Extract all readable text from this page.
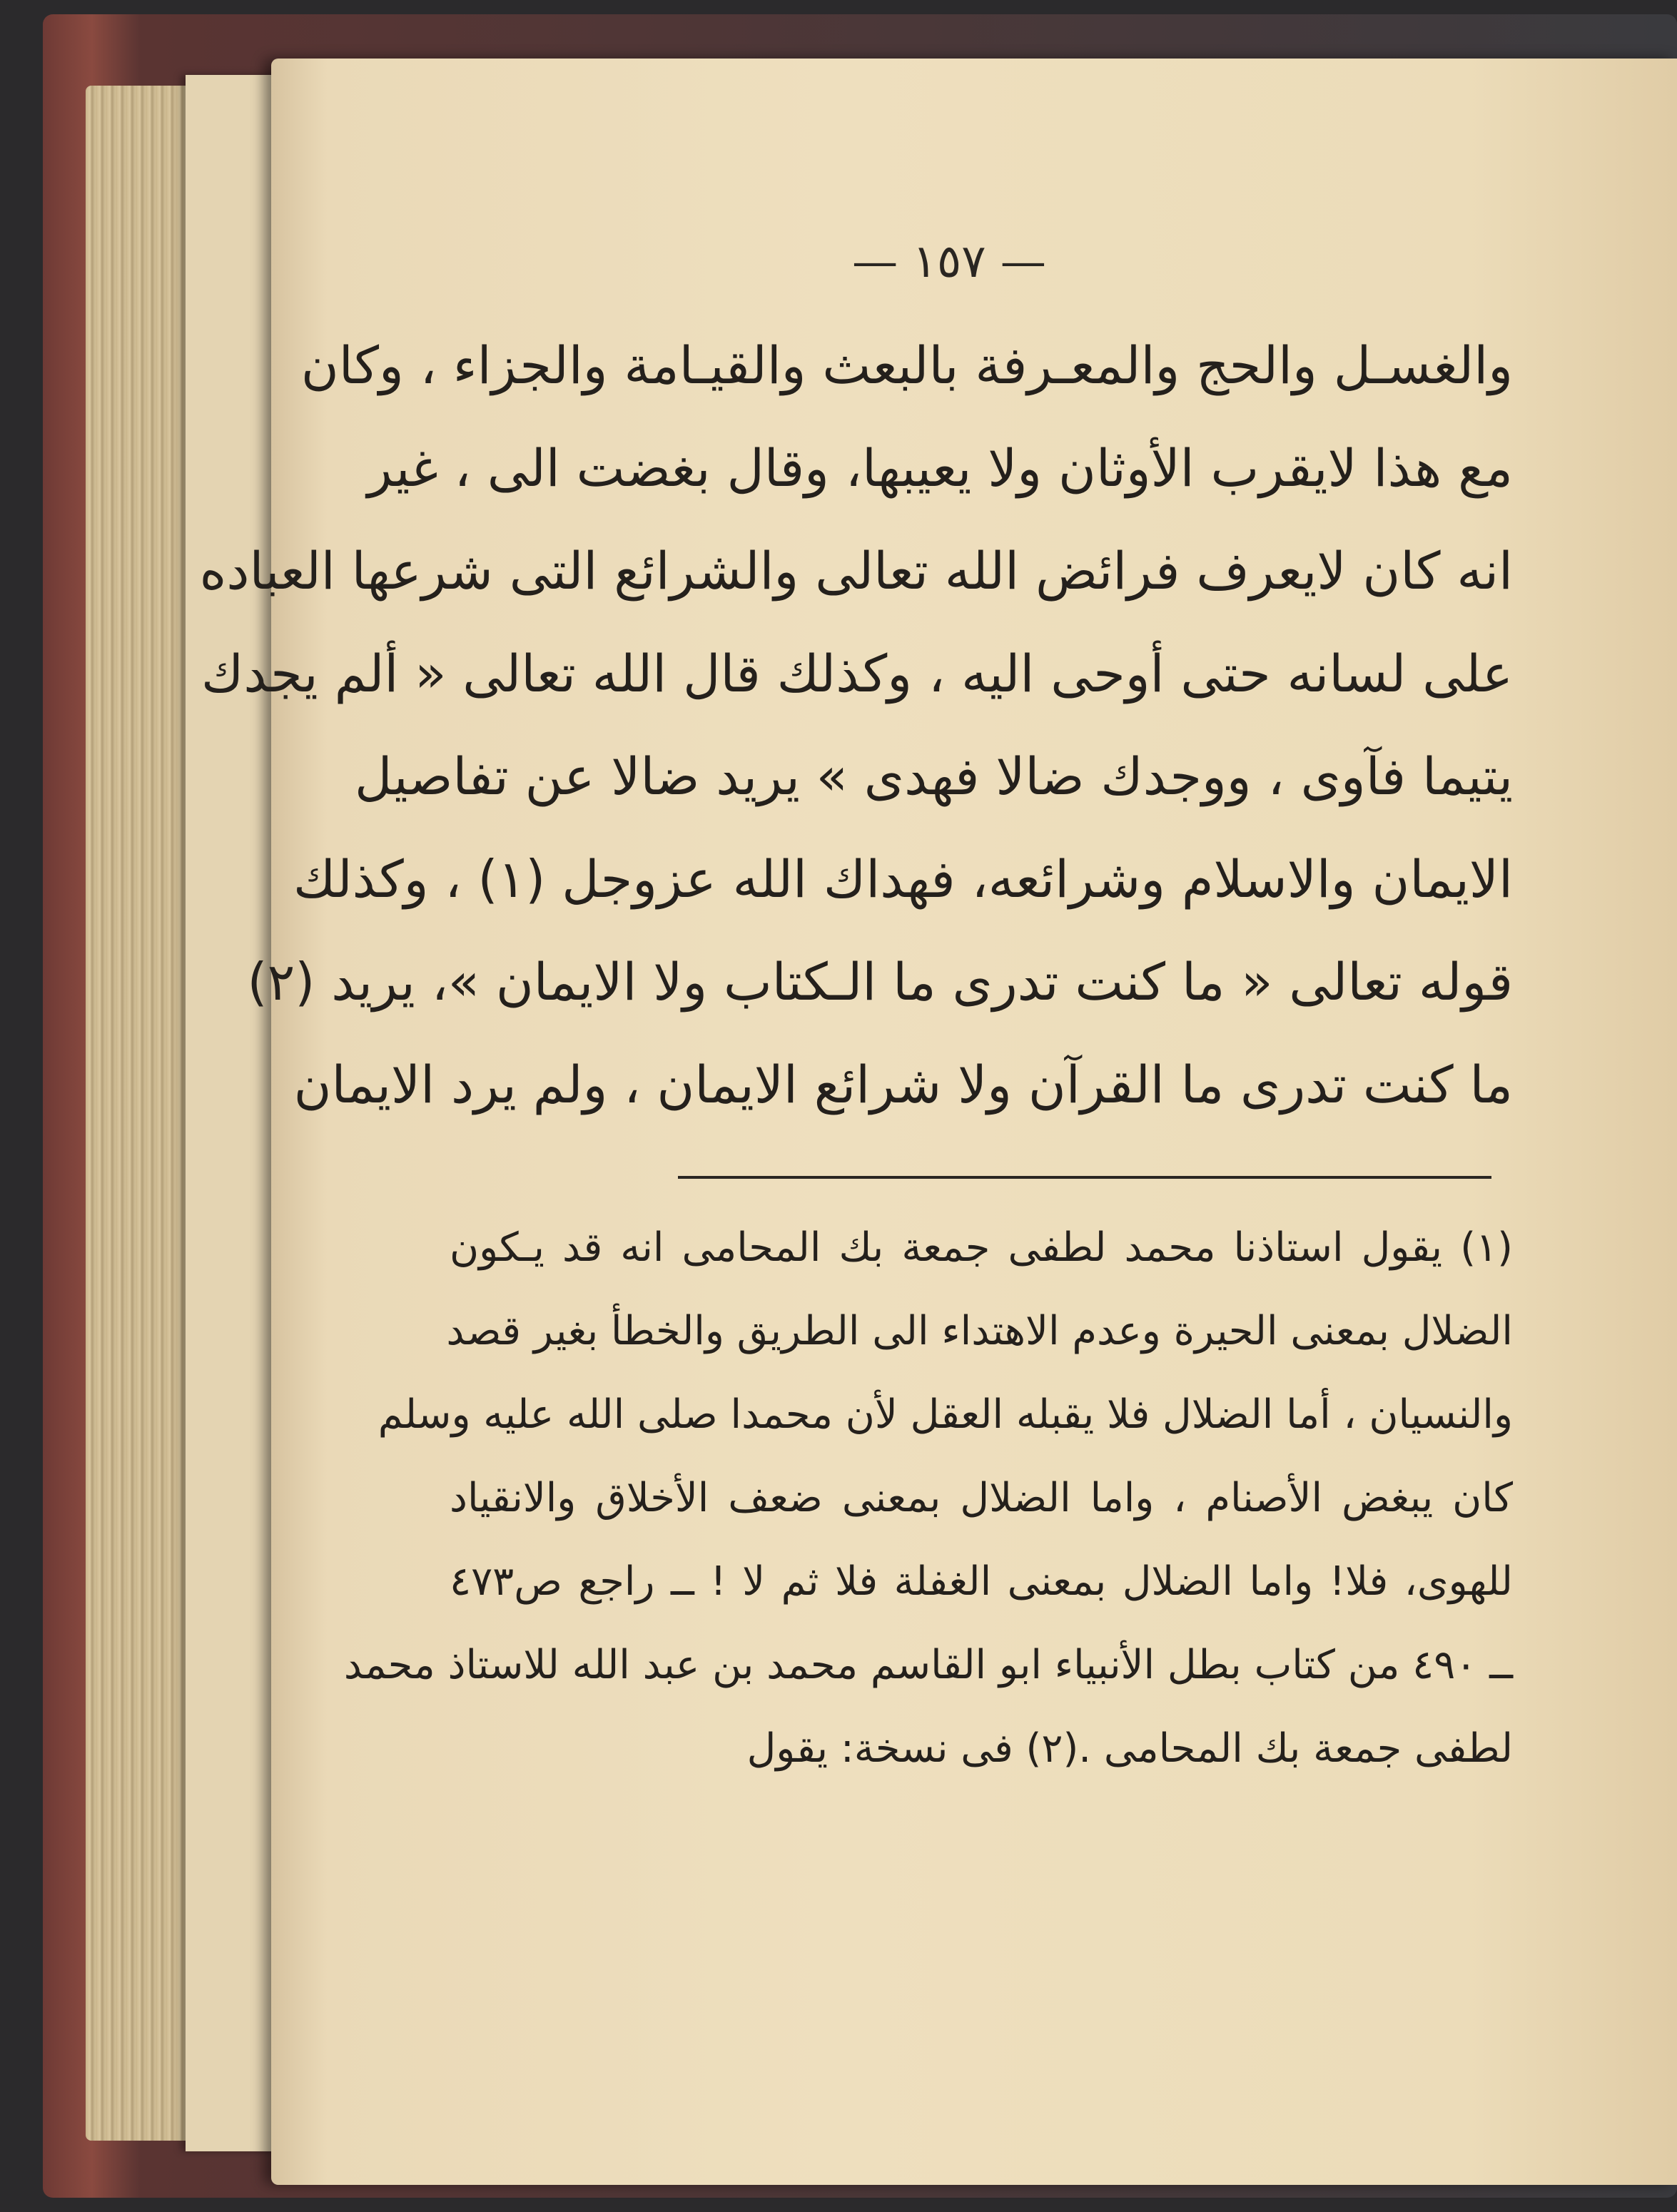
— ١٥٧ —
والغسـل والحج والمعـرفة بالبعث والقيـامة والجزاء ، وكان
مع هذا لايقرب الأوثان ولا يعيبها، وقال بغضت الى ، غير
انه كان لايعرف فرائض الله تعالى والشرائع التى شرعها العباده
على لسانه حتى أوحى اليه ، وكذلك قال الله تعالى « ألم يجدك
يتيما فآوى ، ووجدك ضالا فهدى » يريد ضالا عن تفاصيل
الايمان والاسلام وشرائعه، فهداك الله عزوجل (١) ، وكذلك
قوله تعالى « ما كنت تدرى ما الـكتاب ولا الايمان »، يريد (٢)
ما كنت تدرى ما القرآن ولا شرائع الايمان ، ولم يرد الايمان
(١) يقول استاذنا محمد لطفى جمعة بك المحامى انه قد يـكون
الضلال بمعنى الحيرة وعدم الاهتداء الى الطريق والخطأ بغير قصد
والنسيان ، أما الضلال فلا يقبله العقل لأن محمدا صلى الله عليه وسلم
كان يبغض الأصنام ، واما الضلال بمعنى ضعف الأخلاق والانقياد
للهوى، فلا! واما الضلال بمعنى الغفلة فلا ثم لا ! ــ راجع ص٤٧٣
ــ ٤٩٠ من كتاب بطل الأنبياء ابو القاسم محمد بن عبد الله للاستاذ محمد
لطفى جمعة بك المحامى .(٢) فى نسخة: يقول
